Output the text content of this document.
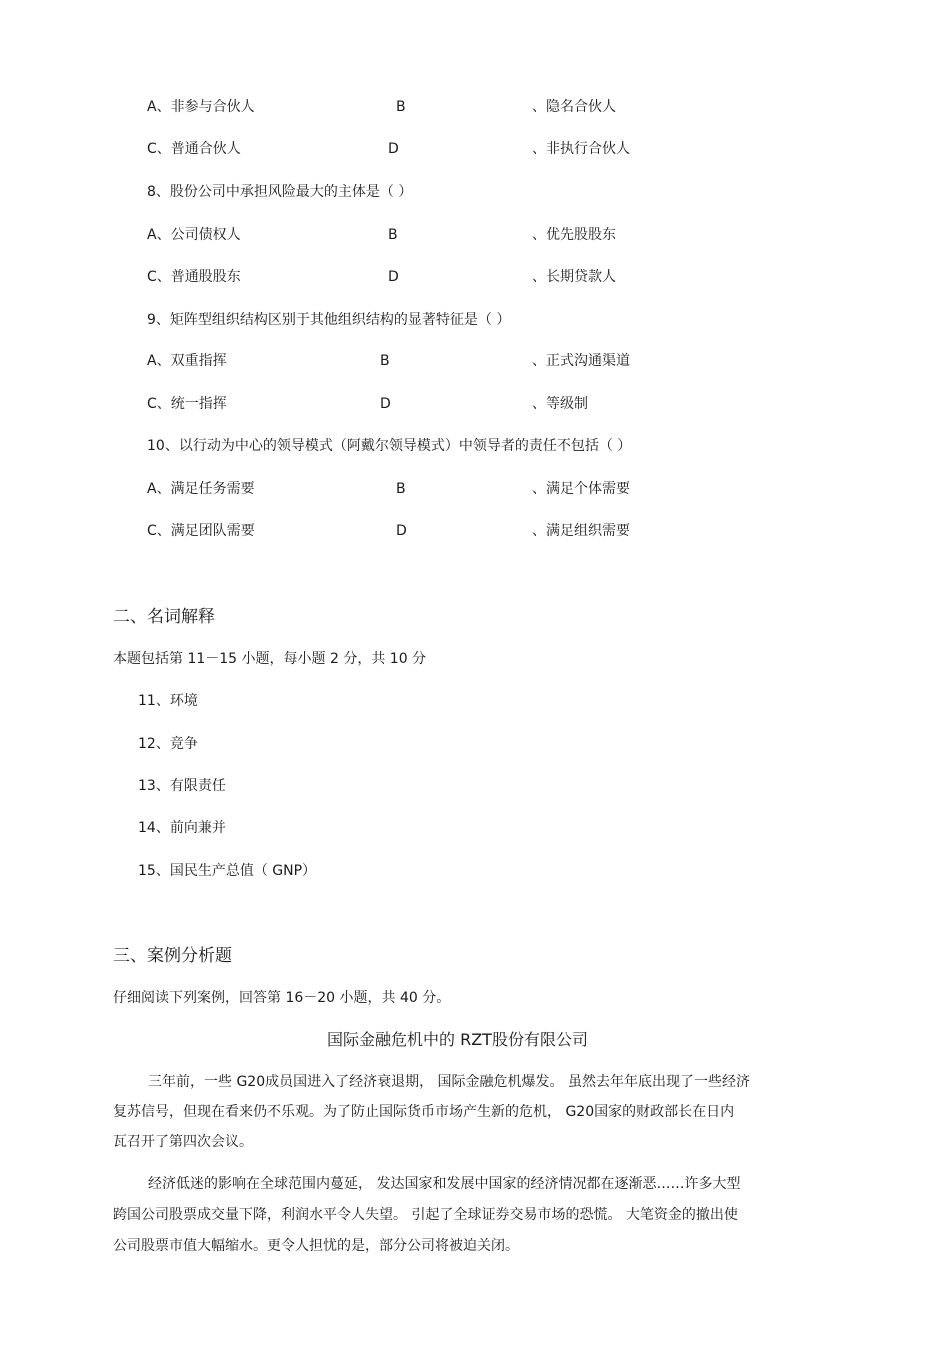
A、非参与合伙人	B	、隐名合伙人
C、普通合伙人	D	、非执行合伙人
8、股份公司中承担风险最大的主体是（ ）
A、公司债权人	B	、优先股股东
C、普通股股东	D	、长期贷款人
9、矩阵型组织结构区别于其他组织结构的显著特征是（ ）
A、双重指挥	B	、正式沟通渠道
C、统一指挥	D	、等级制
10、以行动为中心的领导模式（阿戴尔领导模式）中领导者的责任不包括（ ）
A、满足任务需要	B	、满足个体需要
C、满足团队需要	D	、满足组织需要
二、名词解释
本题包括第 11－15 小题，每小题 2 分，共 10 分
11、环境
12、竞争
13、有限责任
14、前向兼并
15、国民生产总值（ GNP）
三、案例分析题
仔细阅读下列案例，回答第 16－20 小题，共 40 分。
国际金融危机中的 RZT股份有限公司
三年前，一些 G20成员国进入了经济衰退期， 国际金融危机爆发。 虽然去年年底出现了一些经济
复苏信号，但现在看来仍不乐观。为了防止国际货币市场产生新的危机， G20国家的财政部长在日内
瓦召开了第四次会议。
经济低迷的影响在全球范围内蔓延， 发达国家和发展中国家的经济情况都在逐渐恶……许多大型
跨国公司股票成交量下降，利润水平令人失望。 引起了全球证券交易市场的恐慌。 大笔资金的撤出使
公司股票市值大幅缩水。更令人担忧的是，部分公司将被迫关闭。
